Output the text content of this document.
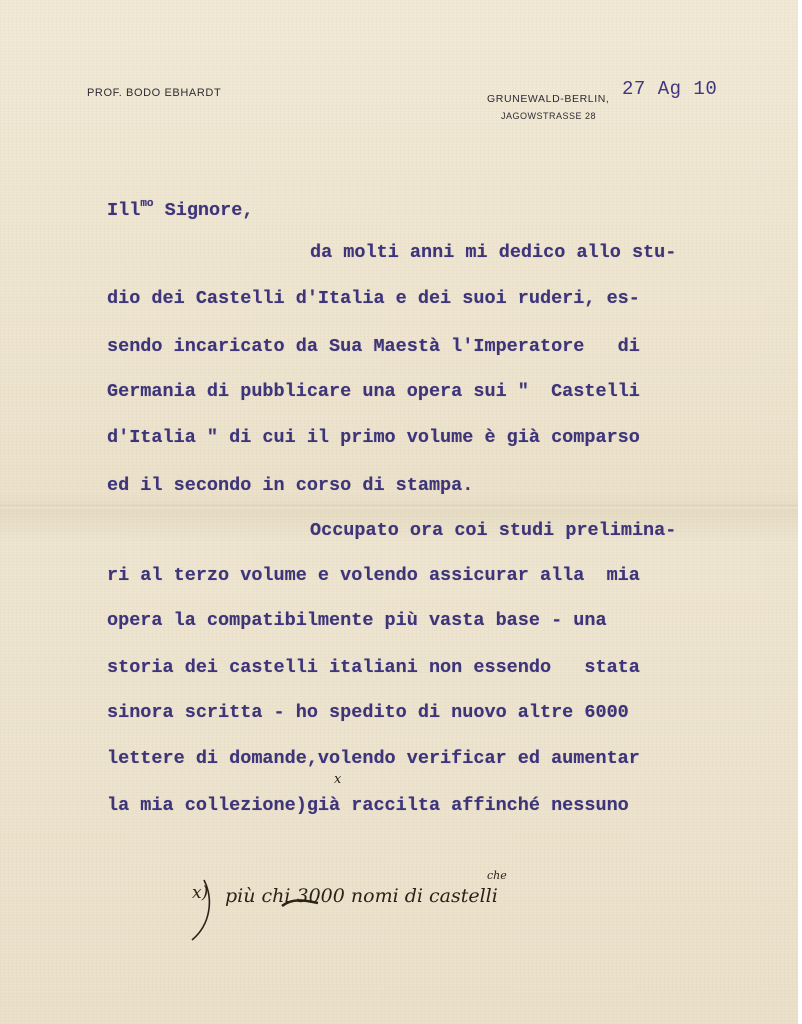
PROF. BODO EBHARDT	GRUNEWALD-BERLIN,
JAGOWSTRASSE 28
27 Ag 10
Ill$^{mo}$ Signore,
da molti anni mi dedico allo stu-
dio dei Castelli d'Italia e dei suoi ruderi, es-
sendo incaricato da Sua Maestà l'Imperatore   di
Germania di pubblicare una opera sui "  Castelli
d'Italia " di cui il primo volume è già comparso
ed il secondo in corso di stampa.
Occupato ora coi studi prelimina-
ri al terzo volume e volendo assicurar alla  mia
opera la compatibilmente più vasta base - una
storia dei castelli italiani non essendo   stata
sinora scritta - ho spedito di nuovo altre 6000
lettere di domande,volendo verificar ed aumentar
la mia collezione)già raccilta affinché nessuno
x
x) più chi 3000 nomi di castelli
che
